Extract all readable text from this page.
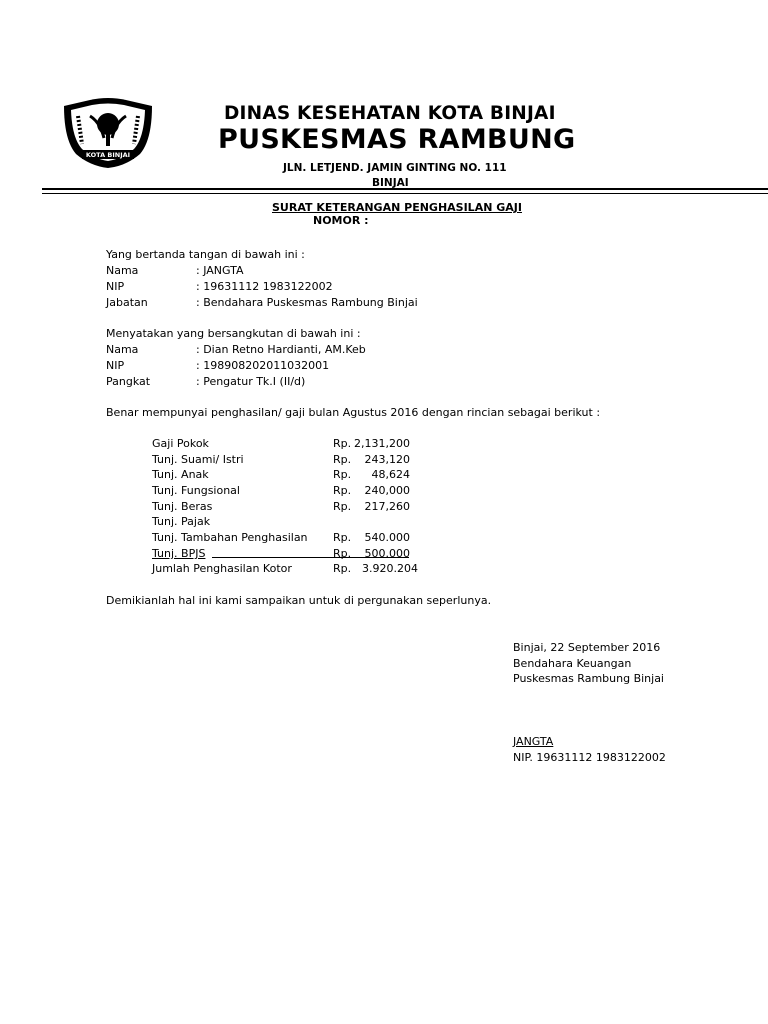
KOTA BINJAI
DINAS KESEHATAN KOTA BINJAI
PUSKESMAS RAMBUNG
JLN. LETJEND. JAMIN GINTING NO. 111
BINJAI
SURAT KETERANGAN PENGHASILAN GAJI
NOMOR :
Yang bertanda tangan di bawah ini :
Nama	: JANGTA
NIP	: 19631112 1983122002
Jabatan	: Bendahara Puskesmas Rambung Binjai
Menyatakan yang bersangkutan di bawah ini :
Nama	: Dian Retno Hardianti, AM.Keb
NIP	: 198908202011032001
Pangkat	: Pengatur Tk.I (II/d)
Benar mempunyai penghasilan/ gaji bulan Agustus 2016 dengan rincian sebagai berikut :
Gaji Pokok	Rp. 2,131,200
Tunj. Suami/ Istri	Rp.	243,120
Tunj. Anak	Rp.	48,624
Tunj. Fungsional	Rp.	240,000
Tunj. Beras	Rp.	217,260
Tunj. Pajak
Tunj. Tambahan Penghasilan Rp.	540.000
Tunj. BPJS	Rp.	500.000
Jumlah Penghasilan Kotor	Rp. 3.920.204
Demikianlah hal ini kami sampaikan untuk di pergunakan seperlunya.
Binjai, 22 September 2016
Bendahara Keuangan
Puskesmas Rambung Binjai
JANGTA
NIP. 19631112 1983122002
